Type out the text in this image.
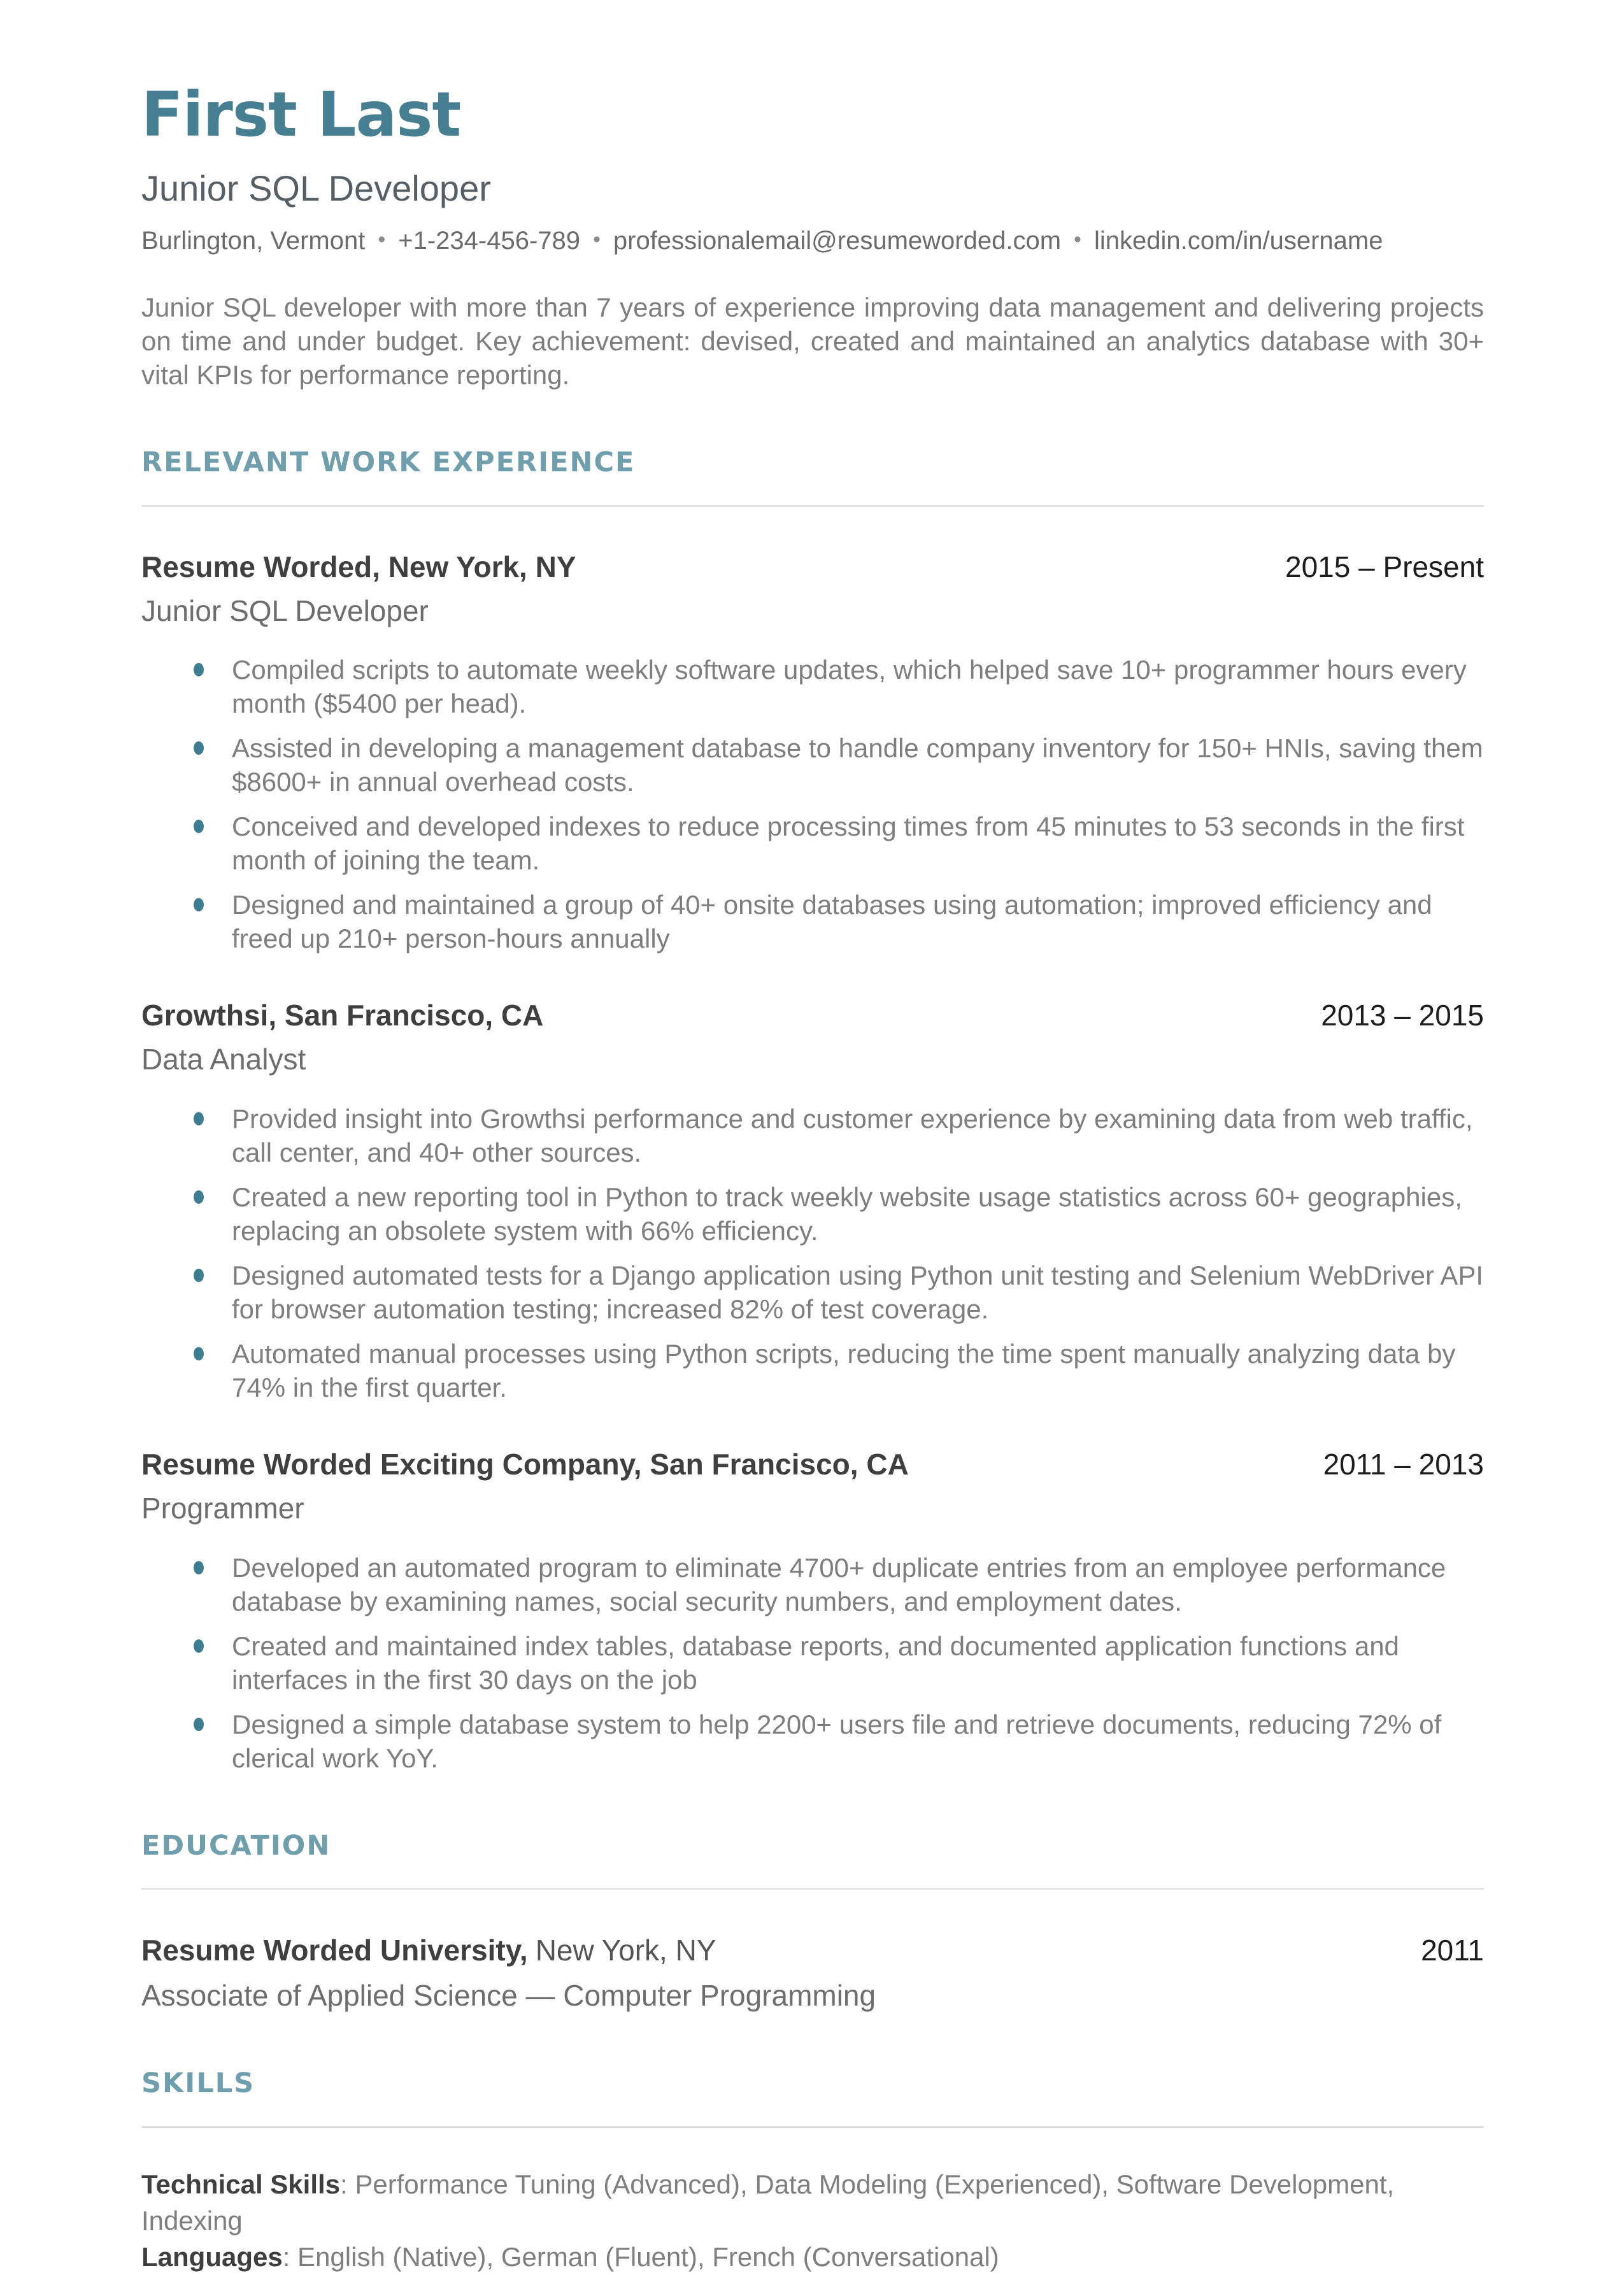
First Last
Junior SQL Developer
Burlington, Vermont • +1-234-456-789 • professionalemail@resumeworded.com • linkedin.com/in/username

Junior SQL developer with more than 7 years of experience improving data management and delivering projects on time and under budget. Key achievement: devised, created and maintained an analytics database with 30+ vital KPIs for performance reporting.

RELEVANT WORK EXPERIENCE
Resume Worded, New York, NY	2015 – Present
Junior SQL Developer
Compiled scripts to automate weekly software updates, which helped save 10+ programmer hours every month ($5400 per head).
Assisted in developing a management database to handle company inventory for 150+ HNIs, saving them $8600+ in annual overhead costs.
Conceived and developed indexes to reduce processing times from 45 minutes to 53 seconds in the first month of joining the team.
Designed and maintained a group of 40+ onsite databases using automation; improved efficiency and freed up 210+ person-hours annually
Growthsi, San Francisco, CA	2013 – 2015
Data Analyst
Provided insight into Growthsi performance and customer experience by examining data from web traffic, call center, and 40+ other sources.
Created a new reporting tool in Python to track weekly website usage statistics across 60+ geographies, replacing an obsolete system with 66% efficiency.
Designed automated tests for a Django application using Python unit testing and Selenium WebDriver API for browser automation testing; increased 82% of test coverage.
Automated manual processes using Python scripts, reducing the time spent manually analyzing data by 74% in the first quarter.
Resume Worded Exciting Company, San Francisco, CA	2011 – 2013
Programmer
Developed an automated program to eliminate 4700+ duplicate entries from an employee performance database by examining names, social security numbers, and employment dates.
Created and maintained index tables, database reports, and documented application functions and interfaces in the first 30 days on the job
Designed a simple database system to help 2200+ users file and retrieve documents, reducing 72% of clerical work YoY.
EDUCATION
Resume Worded University, New York, NY	2011
Associate of Applied Science — Computer Programming
SKILLS
Technical Skills: Performance Tuning (Advanced), Data Modeling (Experienced), Software Development, Indexing
Languages: English (Native), German (Fluent), French (Conversational)
